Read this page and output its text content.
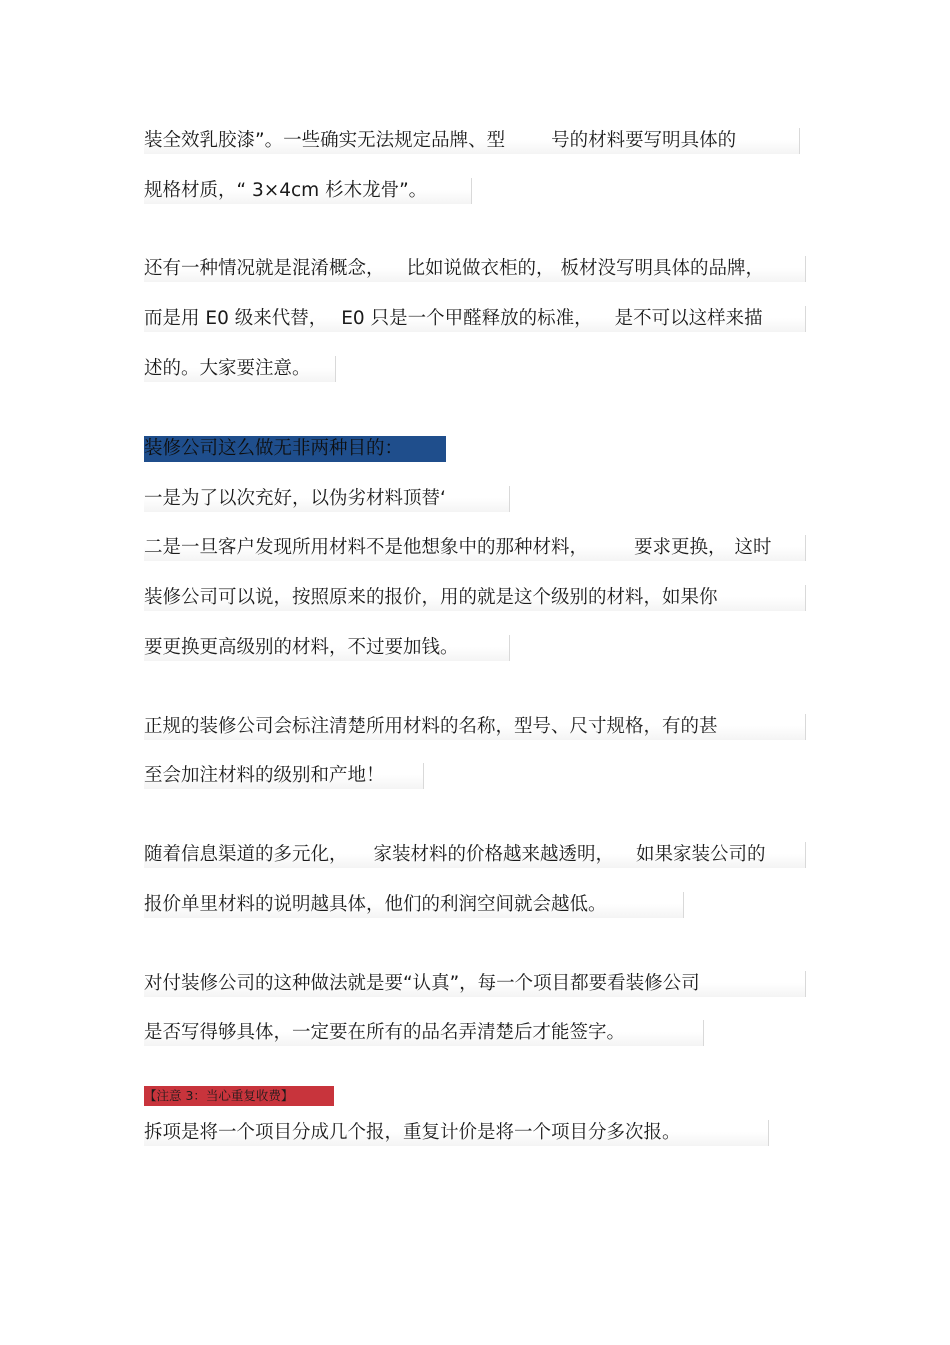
装全效乳胶漆”。一些确实无法规定品牌、型 号的材料要写明具体的
规格材质，“ 3×4cm 杉木龙骨”。
还有一种情况就是混淆概念， 比如说做衣柜的， 板材没写明具体的品牌，
而是用 E0 级来代替， E0 只是一个甲醛释放的标准， 是不可以这样来描
述的。大家要注意。
装修公司这么做无非两种目的：
一是为了以次充好，以伪劣材料顶替‘
二是一旦客户发现所用材料不是他想象中的那种材料， 要求更换， 这时
装修公司可以说，按照原来的报价，用的就是这个级别的材料，如果你
要更换更高级别的材料，不过要加钱。
正规的装修公司会标注清楚所用材料的名称，型号、尺寸规格，有的甚
至会加注材料的级别和产地！
随着信息渠道的多元化， 家装材料的价格越来越透明， 如果家装公司的
报价单里材料的说明越具体，他们的利润空间就会越低。
对付装修公司的这种做法就是要“认真”，每一个项目都要看装修公司
是否写得够具体，一定要在所有的品名弄清楚后才能签字。
【注意 3：当心重复收费】
拆项是将一个项目分成几个报，重复计价是将一个项目分多次报。
